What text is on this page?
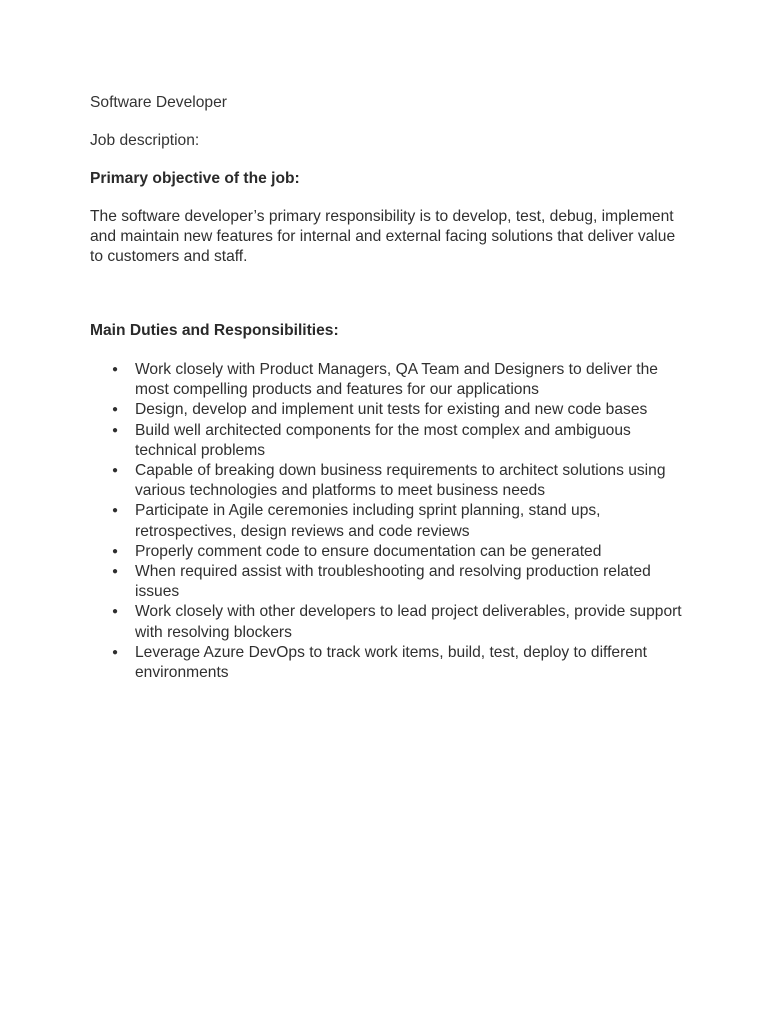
Software Developer

Job description:

Primary objective of the job:

The software developer’s primary responsibility is to develop, test, debug, implement and maintain new features for internal and external facing solutions that deliver value to customers and staff.

Main Duties and Responsibilities:

● Work closely with Product Managers, QA Team and Designers to deliver the most compelling products and features for our applications
● Design, develop and implement unit tests for existing and new code bases
● Build well architected components for the most complex and ambiguous technical problems
● Capable of breaking down business requirements to architect solutions using various technologies and platforms to meet business needs
● Participate in Agile ceremonies including sprint planning, stand ups, retrospectives, design reviews and code reviews
● Properly comment code to ensure documentation can be generated
● When required assist with troubleshooting and resolving production related issues
● Work closely with other developers to lead project deliverables, provide support with resolving blockers
● Leverage Azure DevOps to track work items, build, test, deploy to different environments
